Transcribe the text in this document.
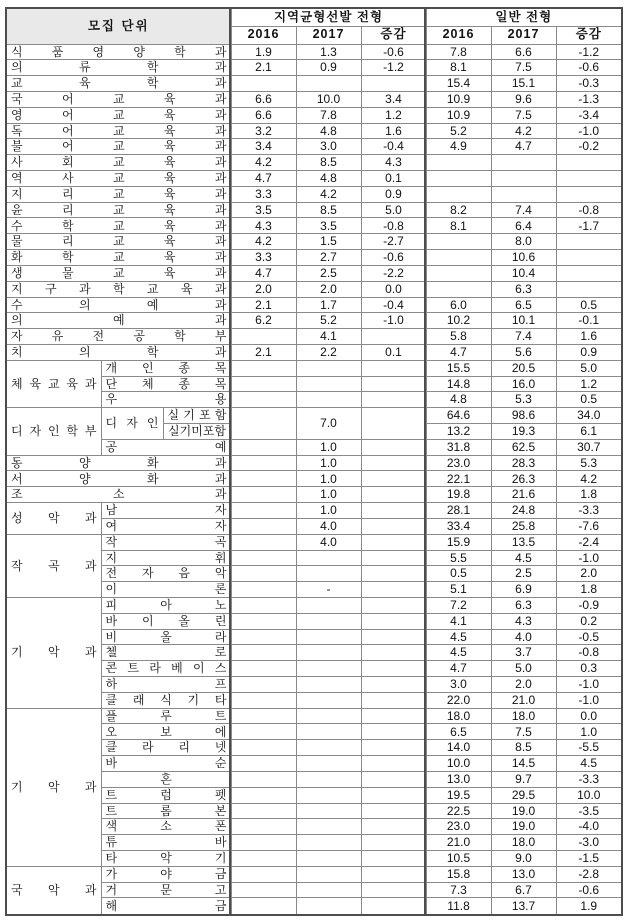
모집 단위			지역균형선발 전형			일반 전형		
			2016	2017	증감	2016	2017	증감
식 품 영 양 학 과			1.9	1.3	-0.6	7.8	6.6	-1.2
의 류 학 과			2.1	0.9	-1.2	8.1	7.5	-0.6
교 육 학 과						15.4	15.1	-0.3
국 어 교 육 과			6.6	10.0	3.4	10.9	9.6	-1.3
영 어 교 육 과			6.6	7.8	1.2	10.9	7.5	-3.4
독 어 교 육 과			3.2	4.8	1.6	5.2	4.2	-1.0
불 어 교 육 과			3.4	3.0	-0.4	4.9	4.7	-0.2
사 회 교 육 과			4.2	8.5	4.3			
역 사 교 육 과			4.7	4.8	0.1			
지 리 교 육 과			3.3	4.2	0.9			
윤 리 교 육 과			3.5	8.5	5.0	8.2	7.4	-0.8
수 학 교 육 과			4.3	3.5	-0.8	8.1	6.4	-1.7
물 리 교 육 과			4.2	1.5	-2.7		8.0	
화 학 교 육 과			3.3	2.7	-0.6		10.6	
생 물 교 육 과			4.7	2.5	-2.2		10.4	
지 구 과 학 교 육 과			2.0	2.0	0.0		6.3	
수 의 예 과			2.1	1.7	-0.4	6.0	6.5	0.5
의 예 과			6.2	5.2	-1.0	10.2	10.1	-0.1
자 유 전 공 학 부				4.1		5.8	7.4	1.6
치 의 학 과			2.1	2.2	0.1	4.7	5.6	0.9
체 육 교 육 과	개 인 종 목					15.5	20.5	5.0
	단 체 종 목					14.8	16.0	1.2
	우 용					4.8	5.3	0.5
디 자 인 학 부	디 자 인	실 기 포 함		7.0		64.6	98.6	34.0
		실기미포함				13.2	19.3	6.1
	공 예			1.0		31.8	62.5	30.7
동 양 화 과				1.0		23.0	28.3	5.3
서 양 화 과				1.0		22.1	26.3	4.2
조 소 과				1.0		19.8	21.6	1.8
성 악 과	남 자			1.0		28.1	24.8	-3.3
	여 자			4.0		33.4	25.8	-7.6
작 곡 과	작 곡			4.0		15.9	13.5	-2.4
	지 휘					5.5	4.5	-1.0
	전 자 음 악					0.5	2.5	2.0
	이 론			-		5.1	6.9	1.8
기 악 과	피 아 노					7.2	6.3	-0.9
	바 이 올 린					4.1	4.3	0.2
	비 올 라					4.5	4.0	-0.5
	첼 로					4.5	3.7	-0.8
	콘 트 라 베 이 스					4.7	5.0	0.3
	하 프					3.0	2.0	-1.0
	클 래 식 기 타					22.0	21.0	-1.0
기 악 과	플 루 트					18.0	18.0	0.0
	오 보 에					6.5	7.5	1.0
	클 라 리 넷					14.0	8.5	-5.5
	바 순					10.0	14.5	4.5
	혼					13.0	9.7	-3.3
	트 럼 펫					19.5	29.5	10.0
	트 롬 본					22.5	19.0	-3.5
	색 소 폰					23.0	19.0	-4.0
	튜 바					21.0	18.0	-3.0
	타 악 기					10.5	9.0	-1.5
국 악 과	가 야 금					15.8	13.0	-2.8
	거 문 고					7.3	6.7	-0.6
	해 금					11.8	13.7	1.9
